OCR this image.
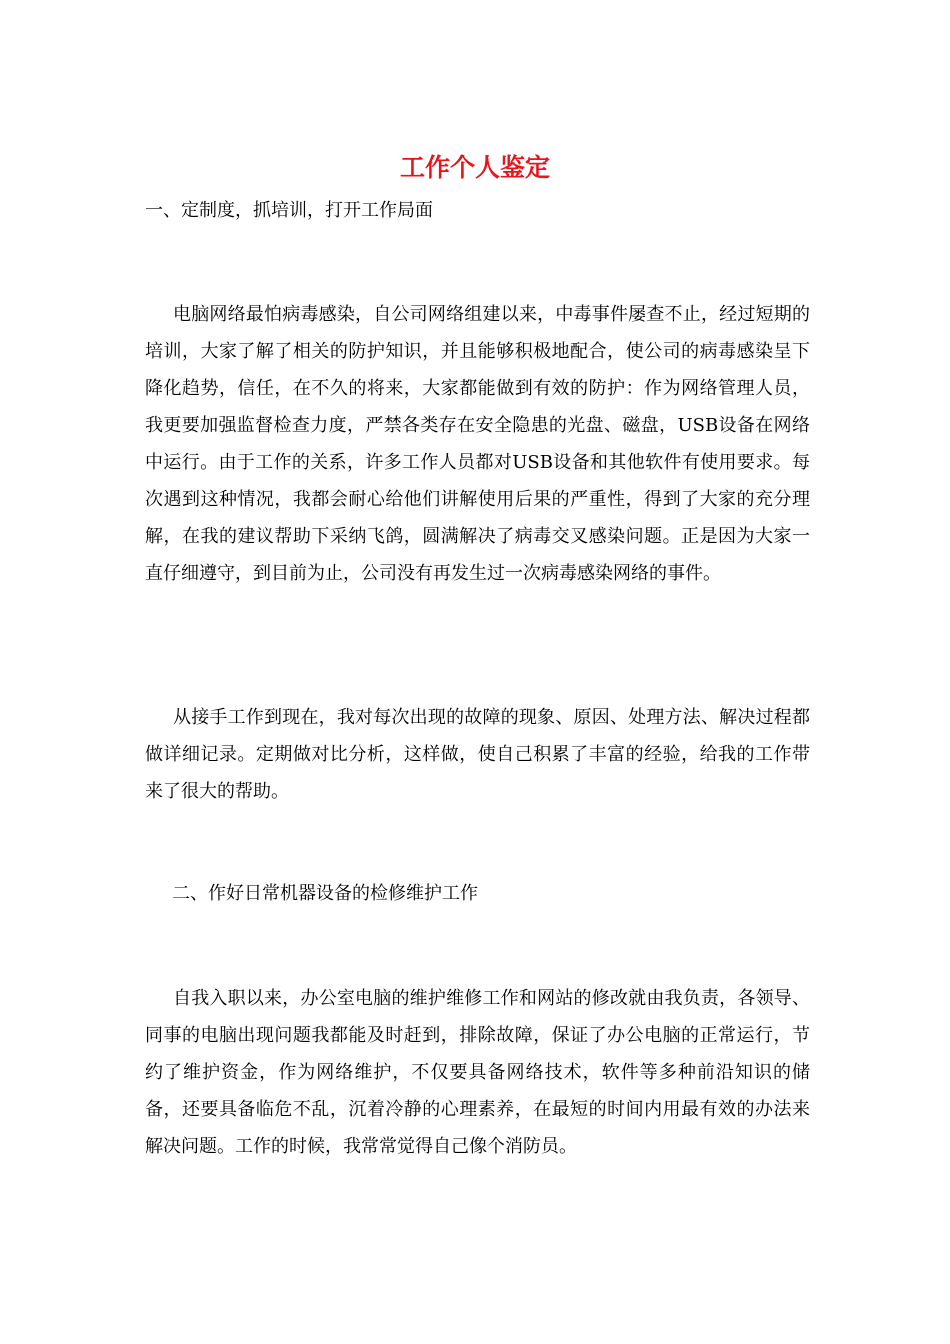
工作个人鉴定
一、定制度，抓培训，打开工作局面

电脑网络最怕病毒感染，自公司网络组建以来，中毒事件屡查不止，经过短期的培训，大家了解了相关的防护知识，并且能够积极地配合，使公司的病毒感染呈下降化趋势，信任，在不久的将来，大家都能做到有效的防护：作为网络管理人员，我更要加强监督检查力度，严禁各类存在安全隐患的光盘、磁盘，USB设备在网络中运行。由于工作的关系，许多工作人员都对USB设备和其他软件有使用要求。每次遇到这种情况，我都会耐心给他们讲解使用后果的严重性，得到了大家的充分理解，在我的建议帮助下采纳飞鸽，圆满解决了病毒交叉感染问题。正是因为大家一直仔细遵守，到目前为止，公司没有再发生过一次病毒感染网络的事件。

从接手工作到现在，我对每次出现的故障的现象、原因、处理方法、解决过程都做详细记录。定期做对比分析，这样做，使自己积累了丰富的经验，给我的工作带来了很大的帮助。

二、作好日常机器设备的检修维护工作

自我入职以来，办公室电脑的维护维修工作和网站的修改就由我负责，各领导、同事的电脑出现问题我都能及时赶到，排除故障，保证了办公电脑的正常运行，节约了维护资金，作为网络维护，不仅要具备网络技术，软件等多种前沿知识的储备，还要具备临危不乱，沉着冷静的心理素养，在最短的时间内用最有效的办法来解决问题。工作的时候，我常常觉得自己像个消防员。
